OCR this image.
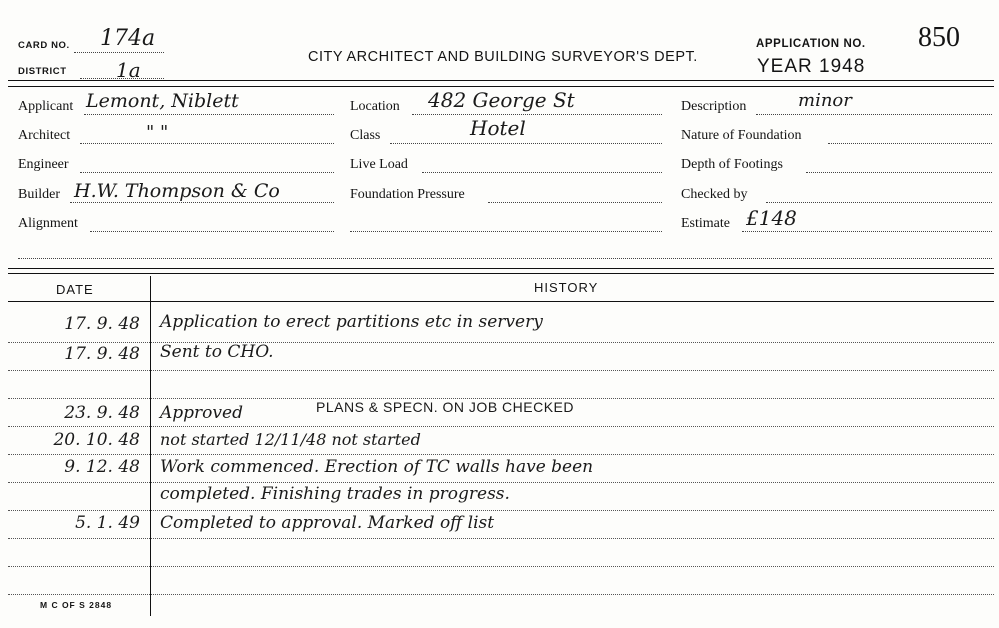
CARD NO. 174a
DISTRICT 1a
CITY ARCHITECT AND BUILDING SURVEYOR'S DEPT.
APPLICATION NO. 850
YEAR 1948
Applicant Lemont, Niblett
Architect	" "
Engineer
Builder H.W. Thompson & Co
Alignment
Location 482 George St
Class	Hotel
Live Load
Foundation Pressure
Description	minor
Nature of Foundation
Depth of Footings
Checked by
Estimate £148
DATE	HISTORY
17. 9. 48 Application to erect partitions etc in servery
17. 9. 48 Sent to CHO.
23. 9. 48 Approved	PLANS & SPECN. ON JOB CHECKED
20. 10. 48 not started 12/11/48 not started
9. 12. 48 Work commenced. Erection of TC walls have been
completed. Finishing trades in progress.
5. 1. 49 Completed to approval. Marked off list
M C OF S 2848
